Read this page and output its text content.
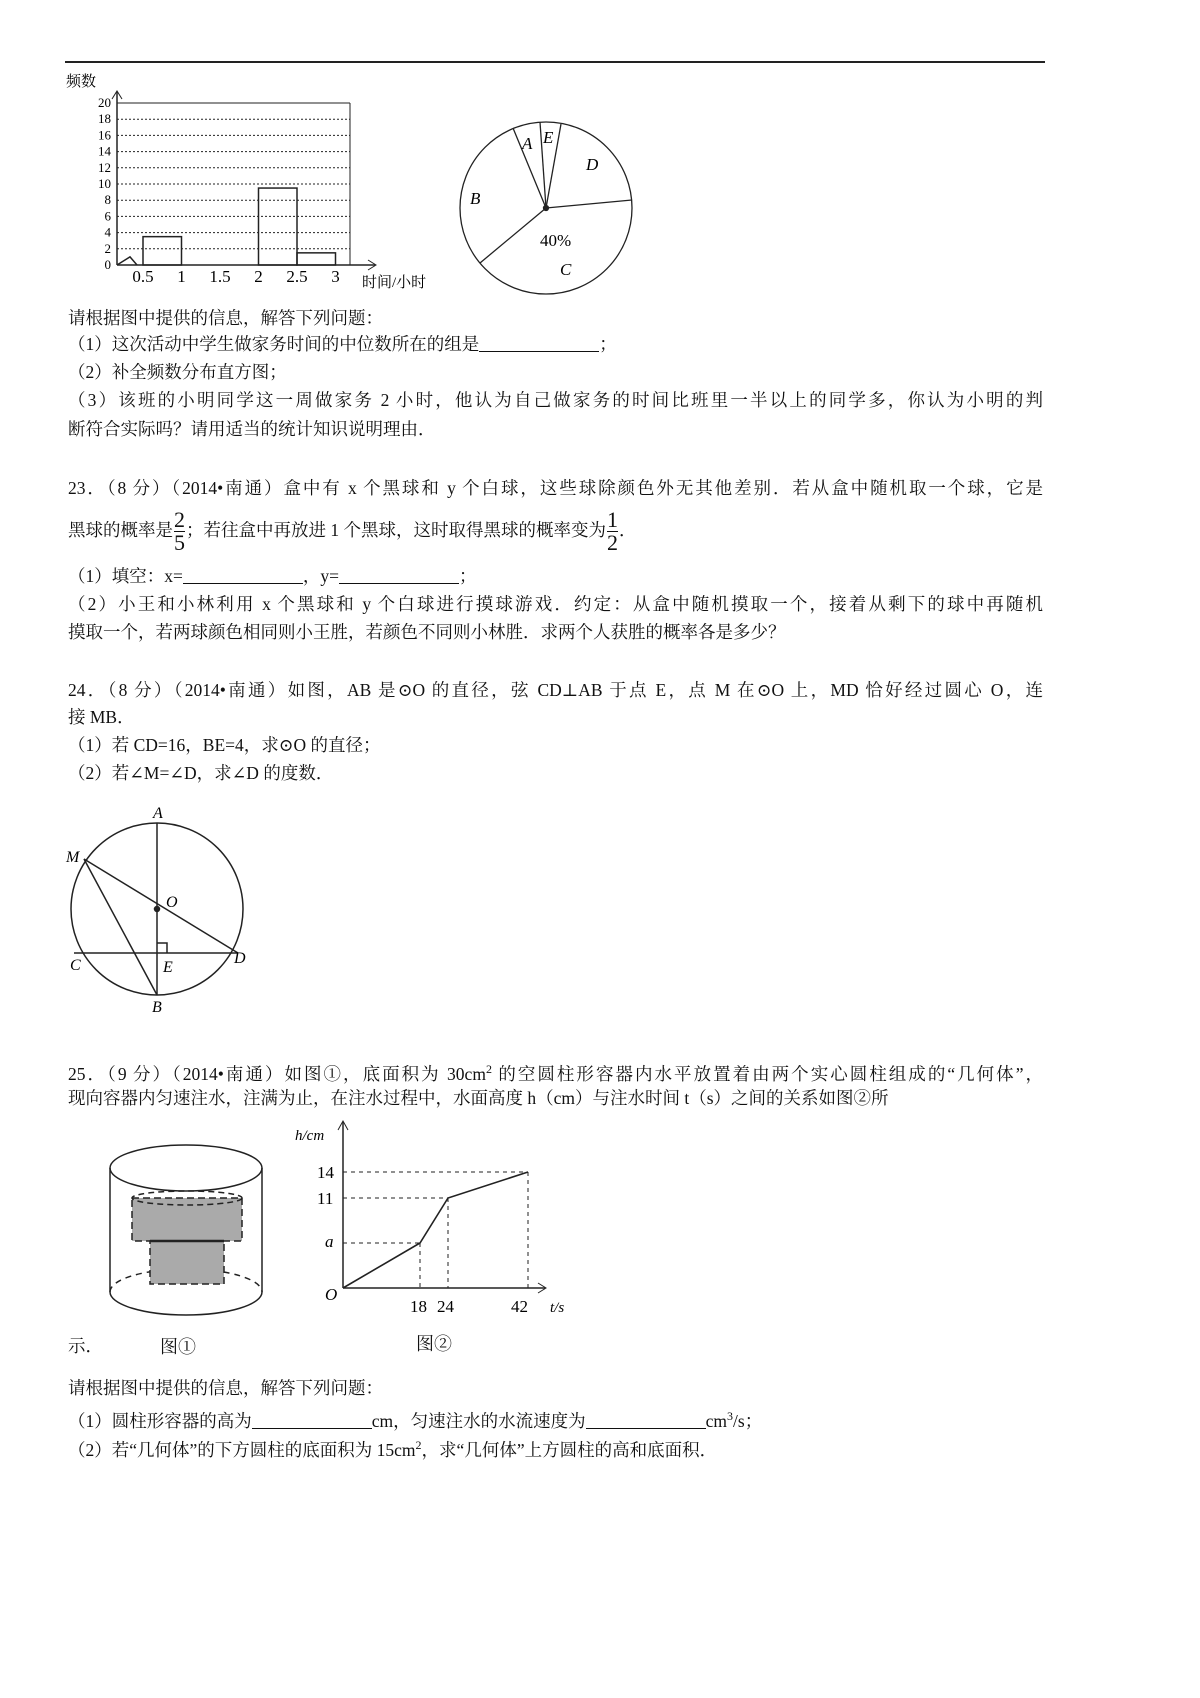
频数
时间/小时
0
2
4
6
8
10
12
14
16
18
20
0.5 1 1.5 2 2.5 3
A E
D
B
C
40%
A
M
O
C	E
D
B
h/cm
14
11
a
O
18 24	42 t/s
请根据图中提供的信息，解答下列问题：
（1）这次活动中学生做家务时间的中位数所在的组是	；
（2）补全频数分布直方图；
（3）该班的小明同学这一周做家务 2 小时，他认为自己做家务的时间比班里一半以上的同学多，你认为小明的判
断符合实际吗？请用适当的统计知识说明理由．
23．（8 分）（2014•南通）盒中有 x 个黑球和 y 个白球，这些球除颜色外无其他差别．若从盒中随机取一个球，它是
黑球的概率是 $\frac{2}{5}$ ；若往盒中再放进 1 个黑球，这时取得黑球的概率变为 $\frac{1}{2}$ ．
（1）填空：x=	，y=	；
（2）小王和小林利用 x 个黑球和 y 个白球进行摸球游戏．约定：从盒中随机摸取一个，接着从剩下的球中再随机
摸取一个，若两球颜色相同则小王胜，若颜色不同则小林胜．求两个人获胜的概率各是多少？
24．（8 分）（2014•南通）如图，AB 是⊙O 的直径，弦 CD⊥AB 于点 E，点 M 在⊙O 上，MD 恰好经过圆心 O，连
接 MB．
（1）若 CD=16，BE=4，求⊙O 的直径；
（2）若∠M=∠D，求∠D 的度数．
25．（9 分）（2014•南通）如图①，底面积为 $30cm^2$ 的空圆柱形容器内水平放置着由两个实心圆柱组成的“几何体”，
现向容器内匀速注水，注满为止，在注水过程中，水面高度 h（cm）与注水时间 t（s）之间的关系如图②所
示．	图①	图②
请根据图中提供的信息，解答下列问题：
（1）圆柱形容器的高为	cm，匀速注水的水流速度为	$cm^3/s$；
（2）若“几何体”的下方圆柱的底面积为 $15cm^2$，求“几何体”上方圆柱的高和底面积．
